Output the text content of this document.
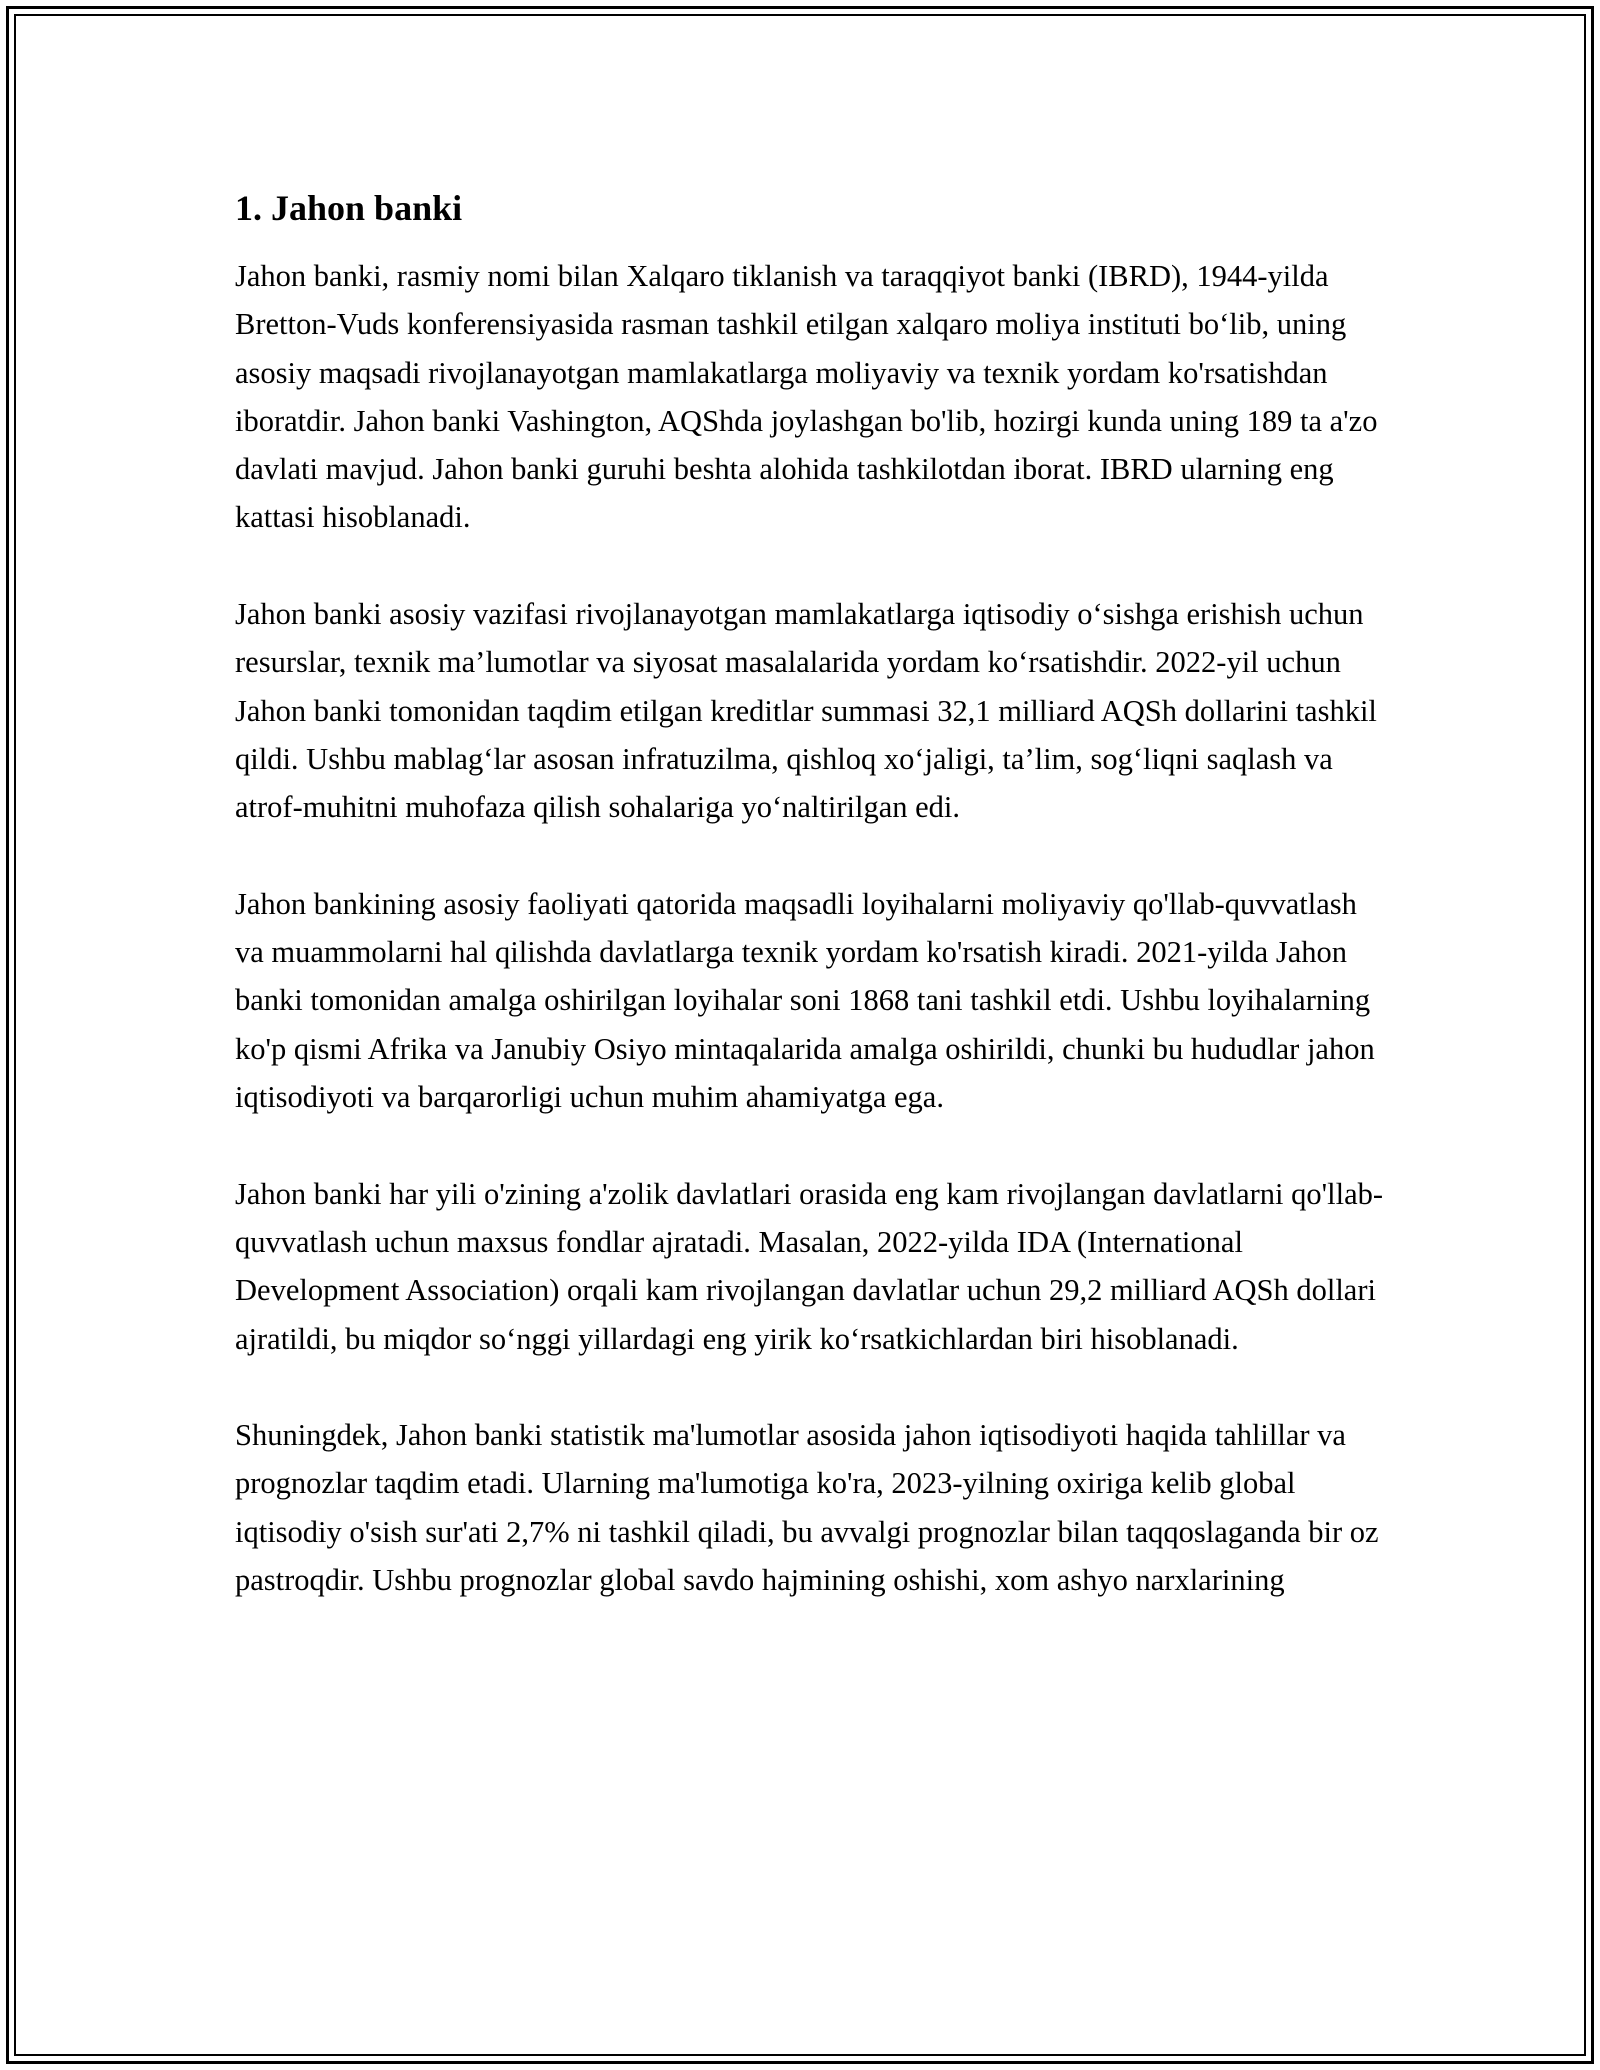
1. Jahon banki

Jahon banki, rasmiy nomi bilan Xalqaro tiklanish va taraqqiyot banki (IBRD), 1944-yilda Bretton-Vuds konferensiyasida rasman tashkil etilgan xalqaro moliya instituti bo‘lib, uning asosiy maqsadi rivojlanayotgan mamlakatlarga moliyaviy va texnik yordam ko'rsatishdan iboratdir. Jahon banki Vashington, AQShda joylashgan bo'lib, hozirgi kunda uning 189 ta a'zo davlati mavjud. Jahon banki guruhi beshta alohida tashkilotdan iborat. IBRD ularning eng kattasi hisoblanadi.

Jahon banki asosiy vazifasi rivojlanayotgan mamlakatlarga iqtisodiy o‘sishga erishish uchun resurslar, texnik ma’lumotlar va siyosat masalalarida yordam ko‘rsatishdir. 2022-yil uchun Jahon banki tomonidan taqdim etilgan kreditlar summasi 32,1 milliard AQSh dollarini tashkil qildi. Ushbu mablag‘lar asosan infratuzilma, qishloq xo‘jaligi, ta’lim, sog‘liqni saqlash va atrof-muhitni muhofaza qilish sohalariga yo‘naltirilgan edi.

Jahon bankining asosiy faoliyati qatorida maqsadli loyihalarni moliyaviy qo'llab-quvvatlash va muammolarni hal qilishda davlatlarga texnik yordam ko'rsatish kiradi. 2021-yilda Jahon banki tomonidan amalga oshirilgan loyihalar soni 1868 tani tashkil etdi. Ushbu loyihalarning ko'p qismi Afrika va Janubiy Osiyo mintaqalarida amalga oshirildi, chunki bu hududlar jahon iqtisodiyoti va barqarorligi uchun muhim ahamiyatga ega.

Jahon banki har yili o'zining a'zolik davlatlari orasida eng kam rivojlangan davlatlarni qo'llab-quvvatlash uchun maxsus fondlar ajratadi. Masalan, 2022-yilda IDA (International Development Association) orqali kam rivojlangan davlatlar uchun 29,2 milliard AQSh dollari ajratildi, bu miqdor so‘nggi yillardagi eng yirik ko‘rsatkichlardan biri hisoblanadi.

Shuningdek, Jahon banki statistik ma'lumotlar asosida jahon iqtisodiyoti haqida tahlillar va prognozlar taqdim etadi. Ularning ma'lumotiga ko'ra, 2023-yilning oxiriga kelib global iqtisodiy o'sish sur'ati 2,7% ni tashkil qiladi, bu avvalgi prognozlar bilan taqqoslaganda bir oz pastroqdir. Ushbu prognozlar global savdo hajmining oshishi, xom ashyo narxlarining
